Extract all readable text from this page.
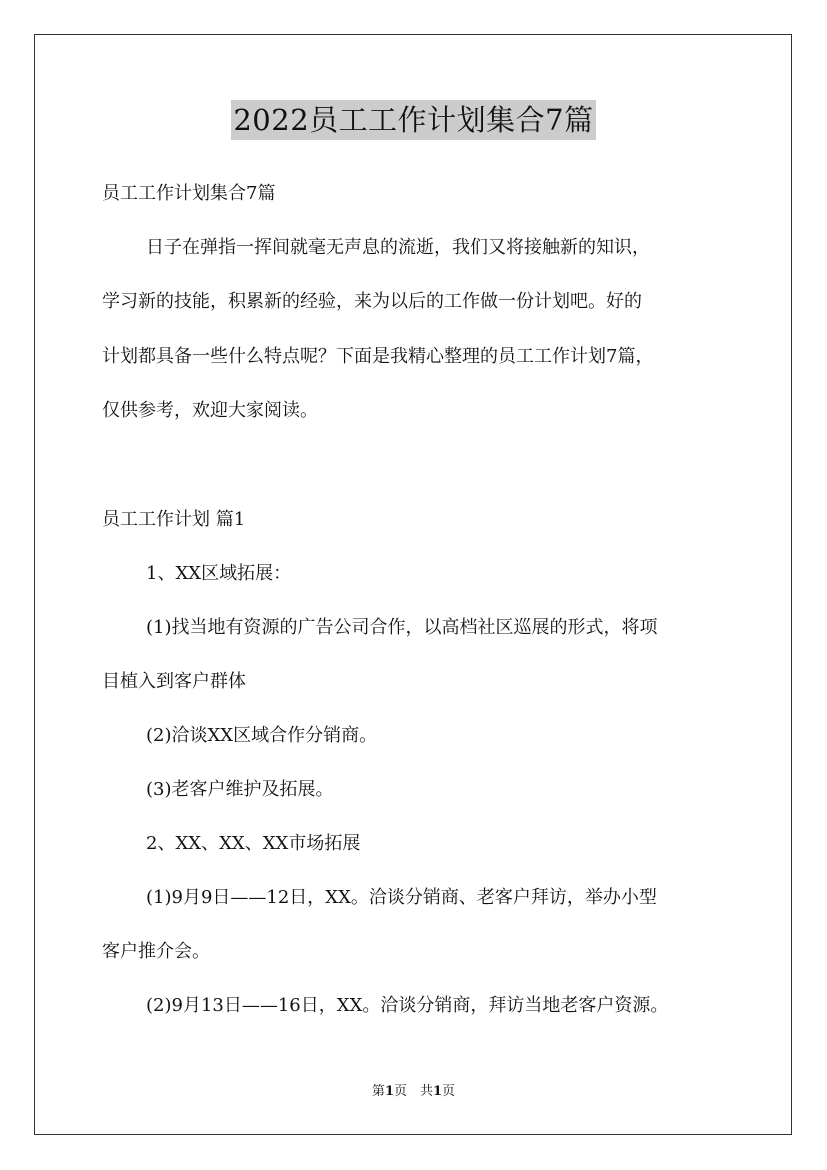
2022员工工作计划集合7篇
员工工作计划集合7篇
日子在弹指一挥间就毫无声息的流逝，我们又将接触新的知识，
学习新的技能，积累新的经验，来为以后的工作做一份计划吧。好的
计划都具备一些什么特点呢？下面是我精心整理的员工工作计划7篇，
仅供参考，欢迎大家阅读。
员工工作计划 篇1
1、XX区域拓展：
(1)找当地有资源的广告公司合作，以高档社区巡展的形式，将项
目植入到客户群体
(2)洽谈XX区域合作分销商。
(3)老客户维护及拓展。
2、XX、XX、XX市场拓展
(1)9月9日——12日，XX。洽谈分销商、老客户拜访，举办小型
客户推介会。
(2)9月13日——16日，XX。洽谈分销商，拜访当地老客户资源。
第1页　共1页
